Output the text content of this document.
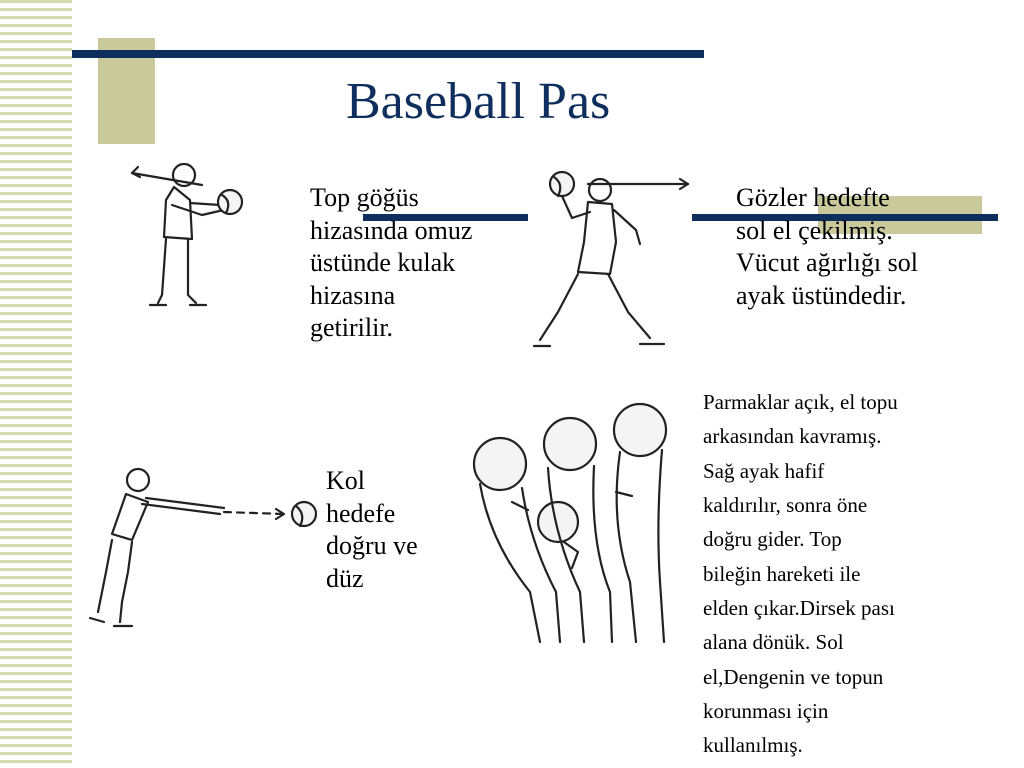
Baseball Pas

Top göğüs
hizasında omuz
üstünde kulak
hizasına
getirilir.

Gözler hedefte
sol el çekilmiş.
Vücut ağırlığı sol
ayak üstündedir.

Kol
hedefe
doğru ve
düz

Parmaklar açık, el topu
arkasından kavramış.
Sağ ayak hafif
kaldırılır, sonra öne
doğru gider. Top
bileğin hareketi ile
elden çıkar.Dirsek pası
alana dönük. Sol
el,Dengenin ve topun
korunması için
kullanılmış.
